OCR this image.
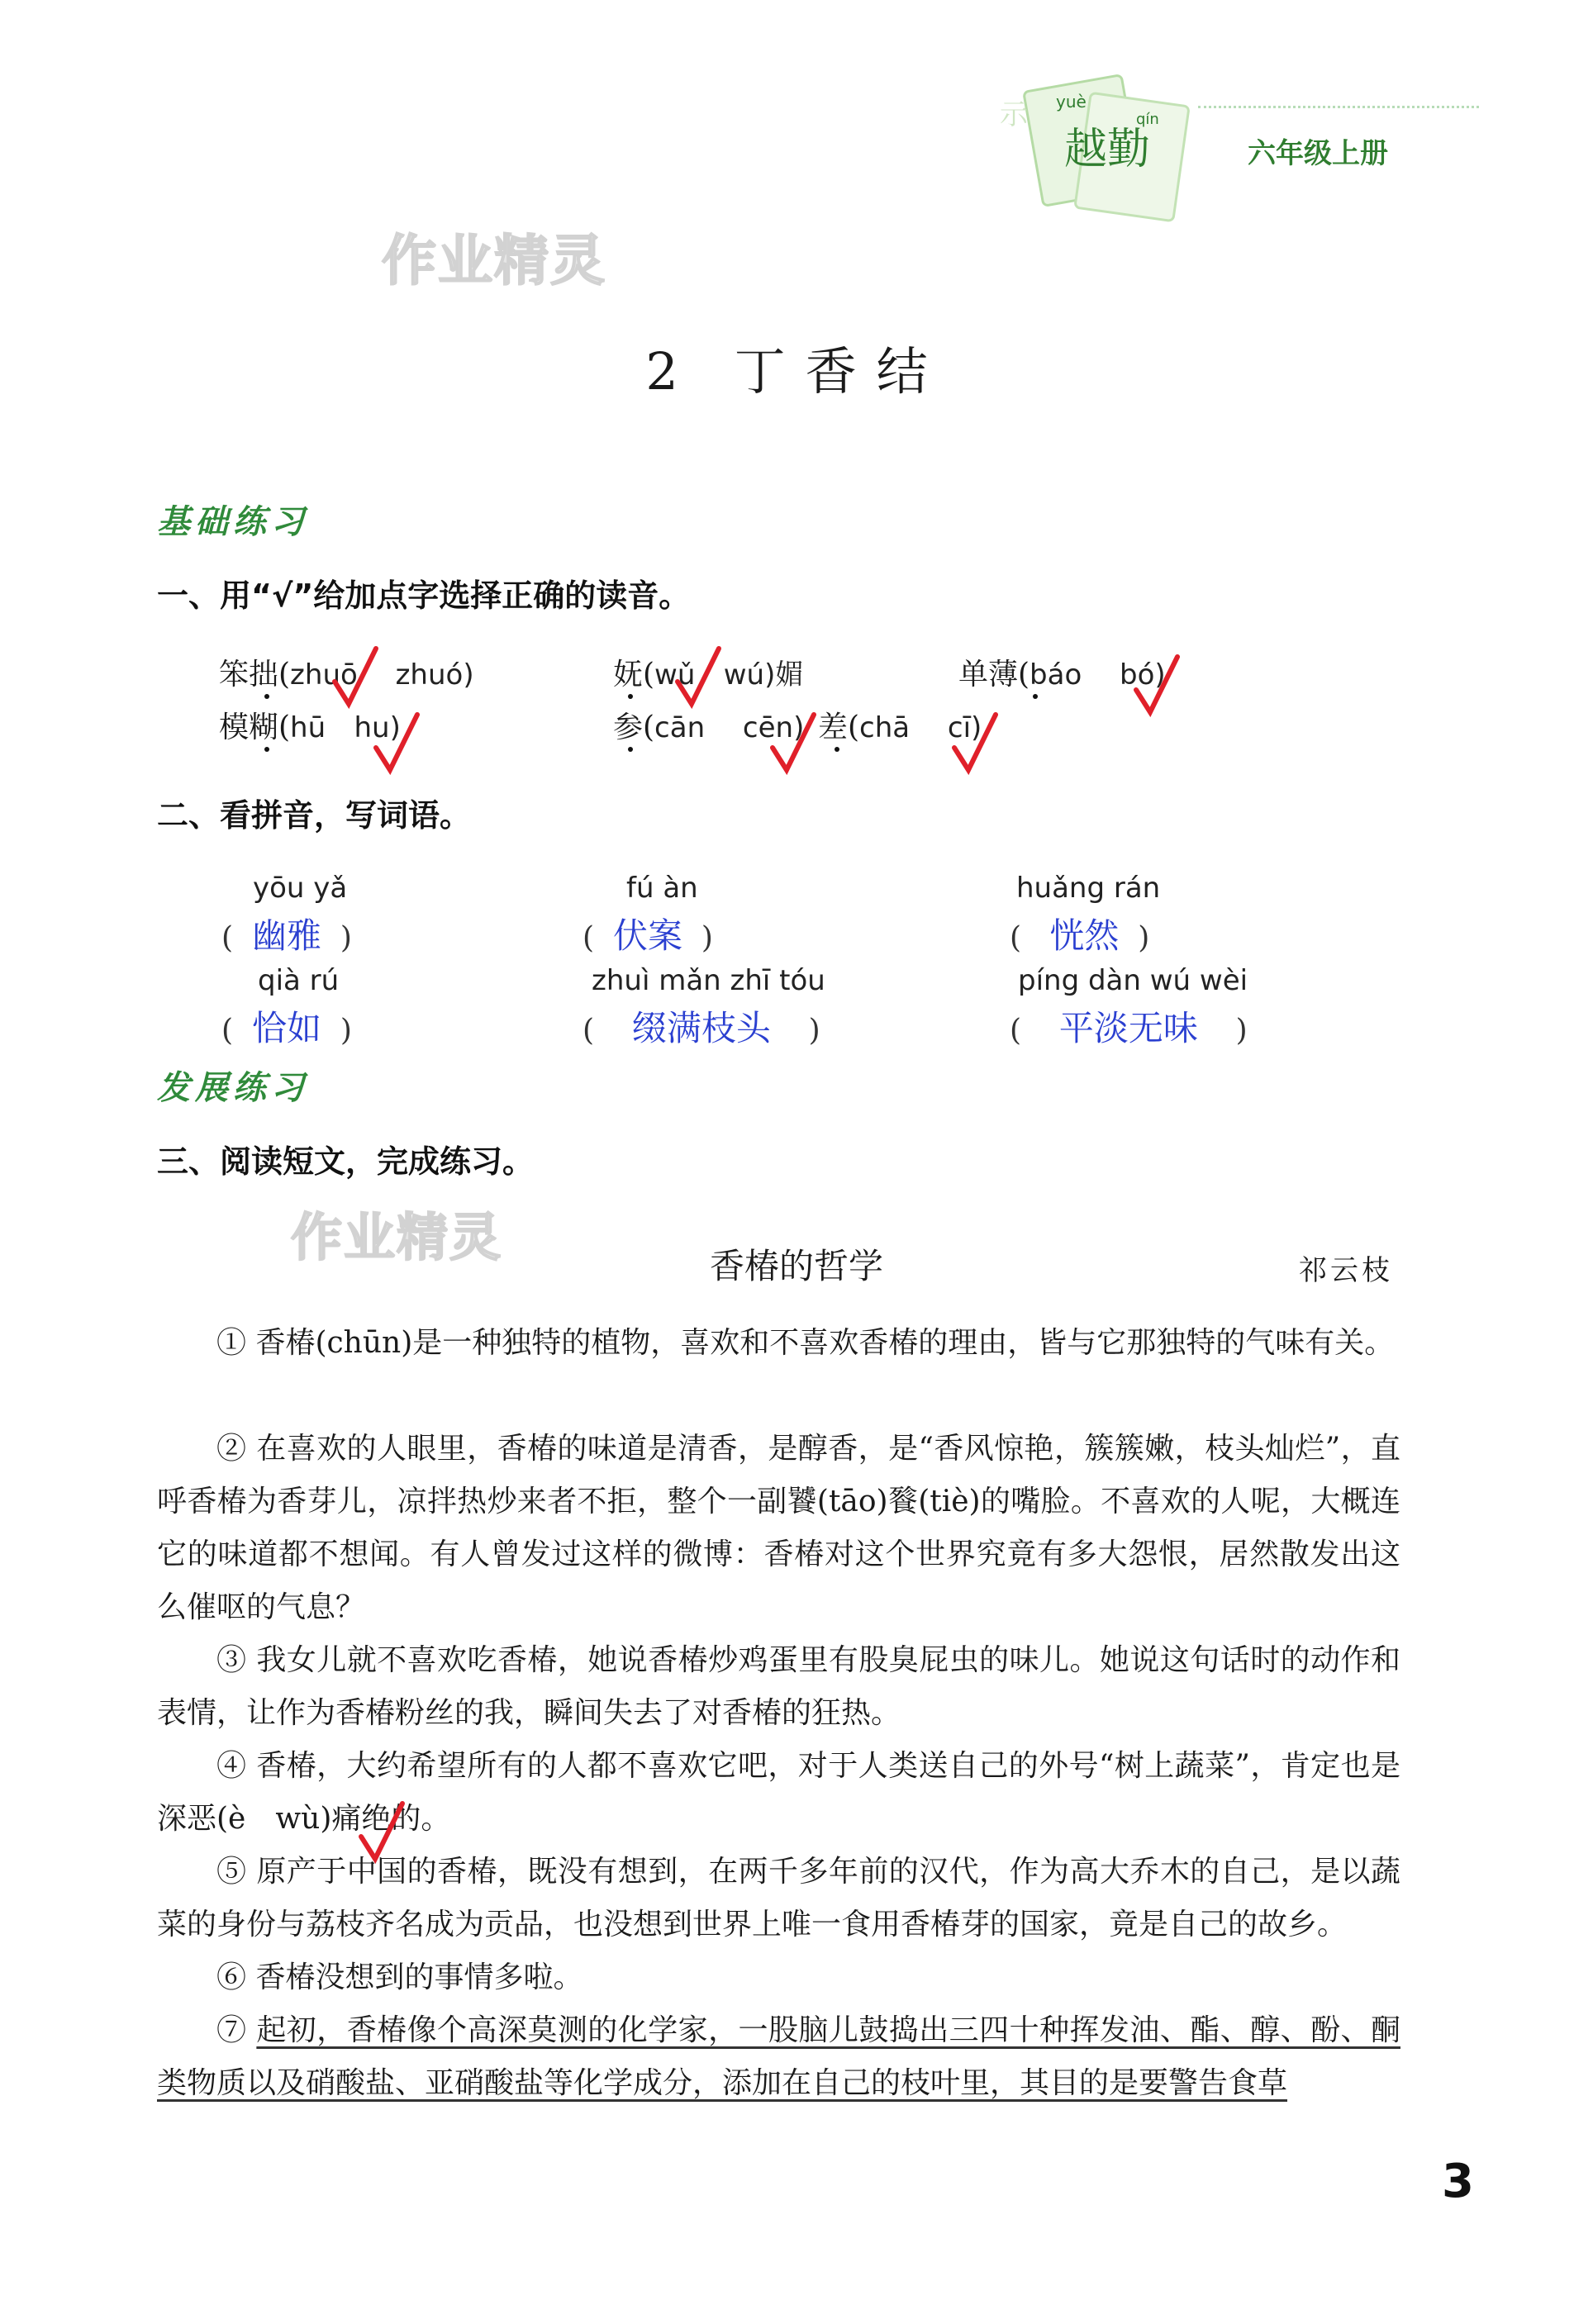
示 yuè
qín
越勤	六年级上册
作业精灵
作业精灵
2 丁香结
基础练习
一、用“√”给加点字选择正确的读音。
笨拙(zhuō zhuó)	妩(wǔ wú)媚	单薄(báo bó)
模糊(hū hu)	参(cān cēn) 差(chā cī)
二、看拼音，写词语。
yōu yǎ	fú àn	huǎng rán
( 幽雅 )	( 伏案 )	( 恍然 )
qià rú	zhuì mǎn zhī tóu	píng dàn wú wèi
( 恰如 )	( 缀满枝头 )	( 平淡无味 )
发展练习
三、阅读短文，完成练习。
香椿的哲学	祁云枝
① 香椿(chūn)是一种独特的植物，喜欢和不喜欢香椿的理由，皆与它那独特的气味有关。
② 在喜欢的人眼里，香椿的味道是清香，是醇香，是“香风惊艳，簇簇嫩，枝头灿烂”，直呼香椿为香芽儿，凉拌热炒来者不拒，整个一副饕(tāo)餮(tiè)的嘴脸。不喜欢的人呢，大概连它的味道都不想闻。有人曾发过这样的微博：香椿对这个世界究竟有多大怨恨，居然散发出这么催呕的气息？
③ 我女儿就不喜欢吃香椿，她说香椿炒鸡蛋里有股臭屁虫的味儿。她说这句话时的动作和表情，让作为香椿粉丝的我，瞬间失去了对香椿的狂热。
④ 香椿，大约希望所有的人都不喜欢它吧，对于人类送自己的外号“树上蔬菜”，肯定也是深恶(è　wù)痛绝的。
⑤ 原产于中国的香椿，既没有想到，在两千多年前的汉代，作为高大乔木的自己，是以蔬菜的身份与荔枝齐名成为贡品，也没想到世界上唯一食用香椿芽的国家，竟是自己的故乡。
⑥ 香椿没想到的事情多啦。
⑦ 起初，香椿像个高深莫测的化学家，一股脑儿鼓捣出三四十种挥发油、酯、醇、酚、酮类物质以及硝酸盐、亚硝酸盐等化学成分，添加在自己的枝叶里，其目的是要警告食草
3
